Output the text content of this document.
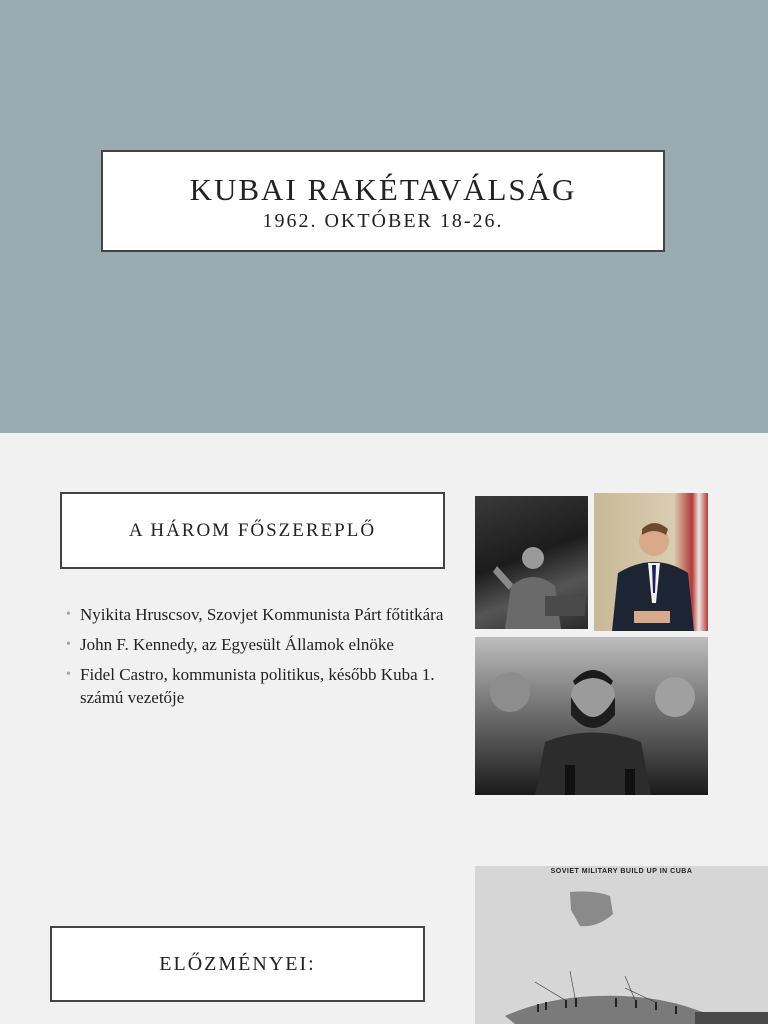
KUBAI RAKÉTAVÁLSÁG
1962. OKTÓBER 18-26.
A HÁROM FŐSZEREPLŐ
• Nyikita Hruscsov, Szovjet Kommunista Párt főtitkára
• John F. Kennedy, az Egyesült Államok elnöke
• Fidel Castro, kommunista politikus, később Kuba 1. számú vezetője
ELŐZMÉNYEI:
SOVIET MILITARY BUILD UP IN CUBA
